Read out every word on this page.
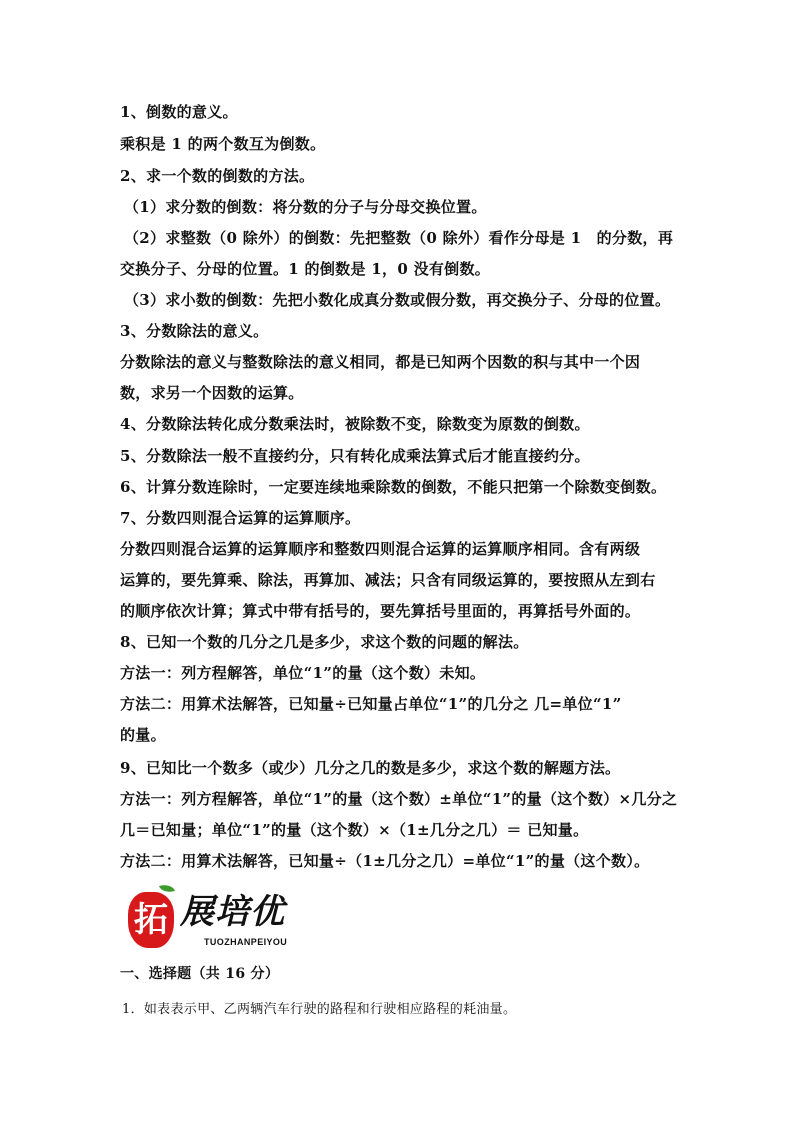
1、倒数的意义。
乘积是 1 的两个数互为倒数。
2、求一个数的倒数的方法。
（1）求分数的倒数：将分数的分子与分母交换位置。
（2）求整数（0 除外）的倒数：先把整数（0 除外）看作分母是 1　的分数，再
交换分子、分母的位置。1 的倒数是 1，0 没有倒数。
（3）求小数的倒数：先把小数化成真分数或假分数，再交换分子、分母的位置。
3、分数除法的意义。
分数除法的意义与整数除法的意义相同，都是已知两个因数的积与其中一个因
数，求另一个因数的运算。
4、分数除法转化成分数乘法时，被除数不变，除数变为原数的倒数。
5、分数除法一般不直接约分，只有转化成乘法算式后才能直接约分。
6、计算分数连除时，一定要连续地乘除数的倒数，不能只把第一个除数变倒数。
7、分数四则混合运算的运算顺序。
分数四则混合运算的运算顺序和整数四则混合运算的运算顺序相同。含有两级
运算的，要先算乘、除法，再算加、减法；只含有同级运算的，要按照从左到右
的顺序依次计算；算式中带有括号的，要先算括号里面的，再算括号外面的。
8、已知一个数的几分之几是多少，求这个数的问题的解法。
方法一：列方程解答，单位“1”的量（这个数）未知。
方法二：用算术法解答，已知量÷已知量占单位“1”的几分之 几=单位“1”
的量。
9、已知比一个数多（或少）几分之几的数是多少，求这个数的解题方法。
方法一：列方程解答，单位“1”的量（这个数）±单位“1”的量（这个数）×几分之
几＝已知量；单位“1”的量（这个数）×（1±几分之几）＝ 已知量。
方法二：用算术法解答，已知量÷（1±几分之几）=单位“1”的量（这个数）。
拓 展培优
TUOZHANPEIYOU
一、选择题（共 16 分）
1．如表表示甲、乙两辆汽车行驶的路程和行驶相应路程的耗油量。
